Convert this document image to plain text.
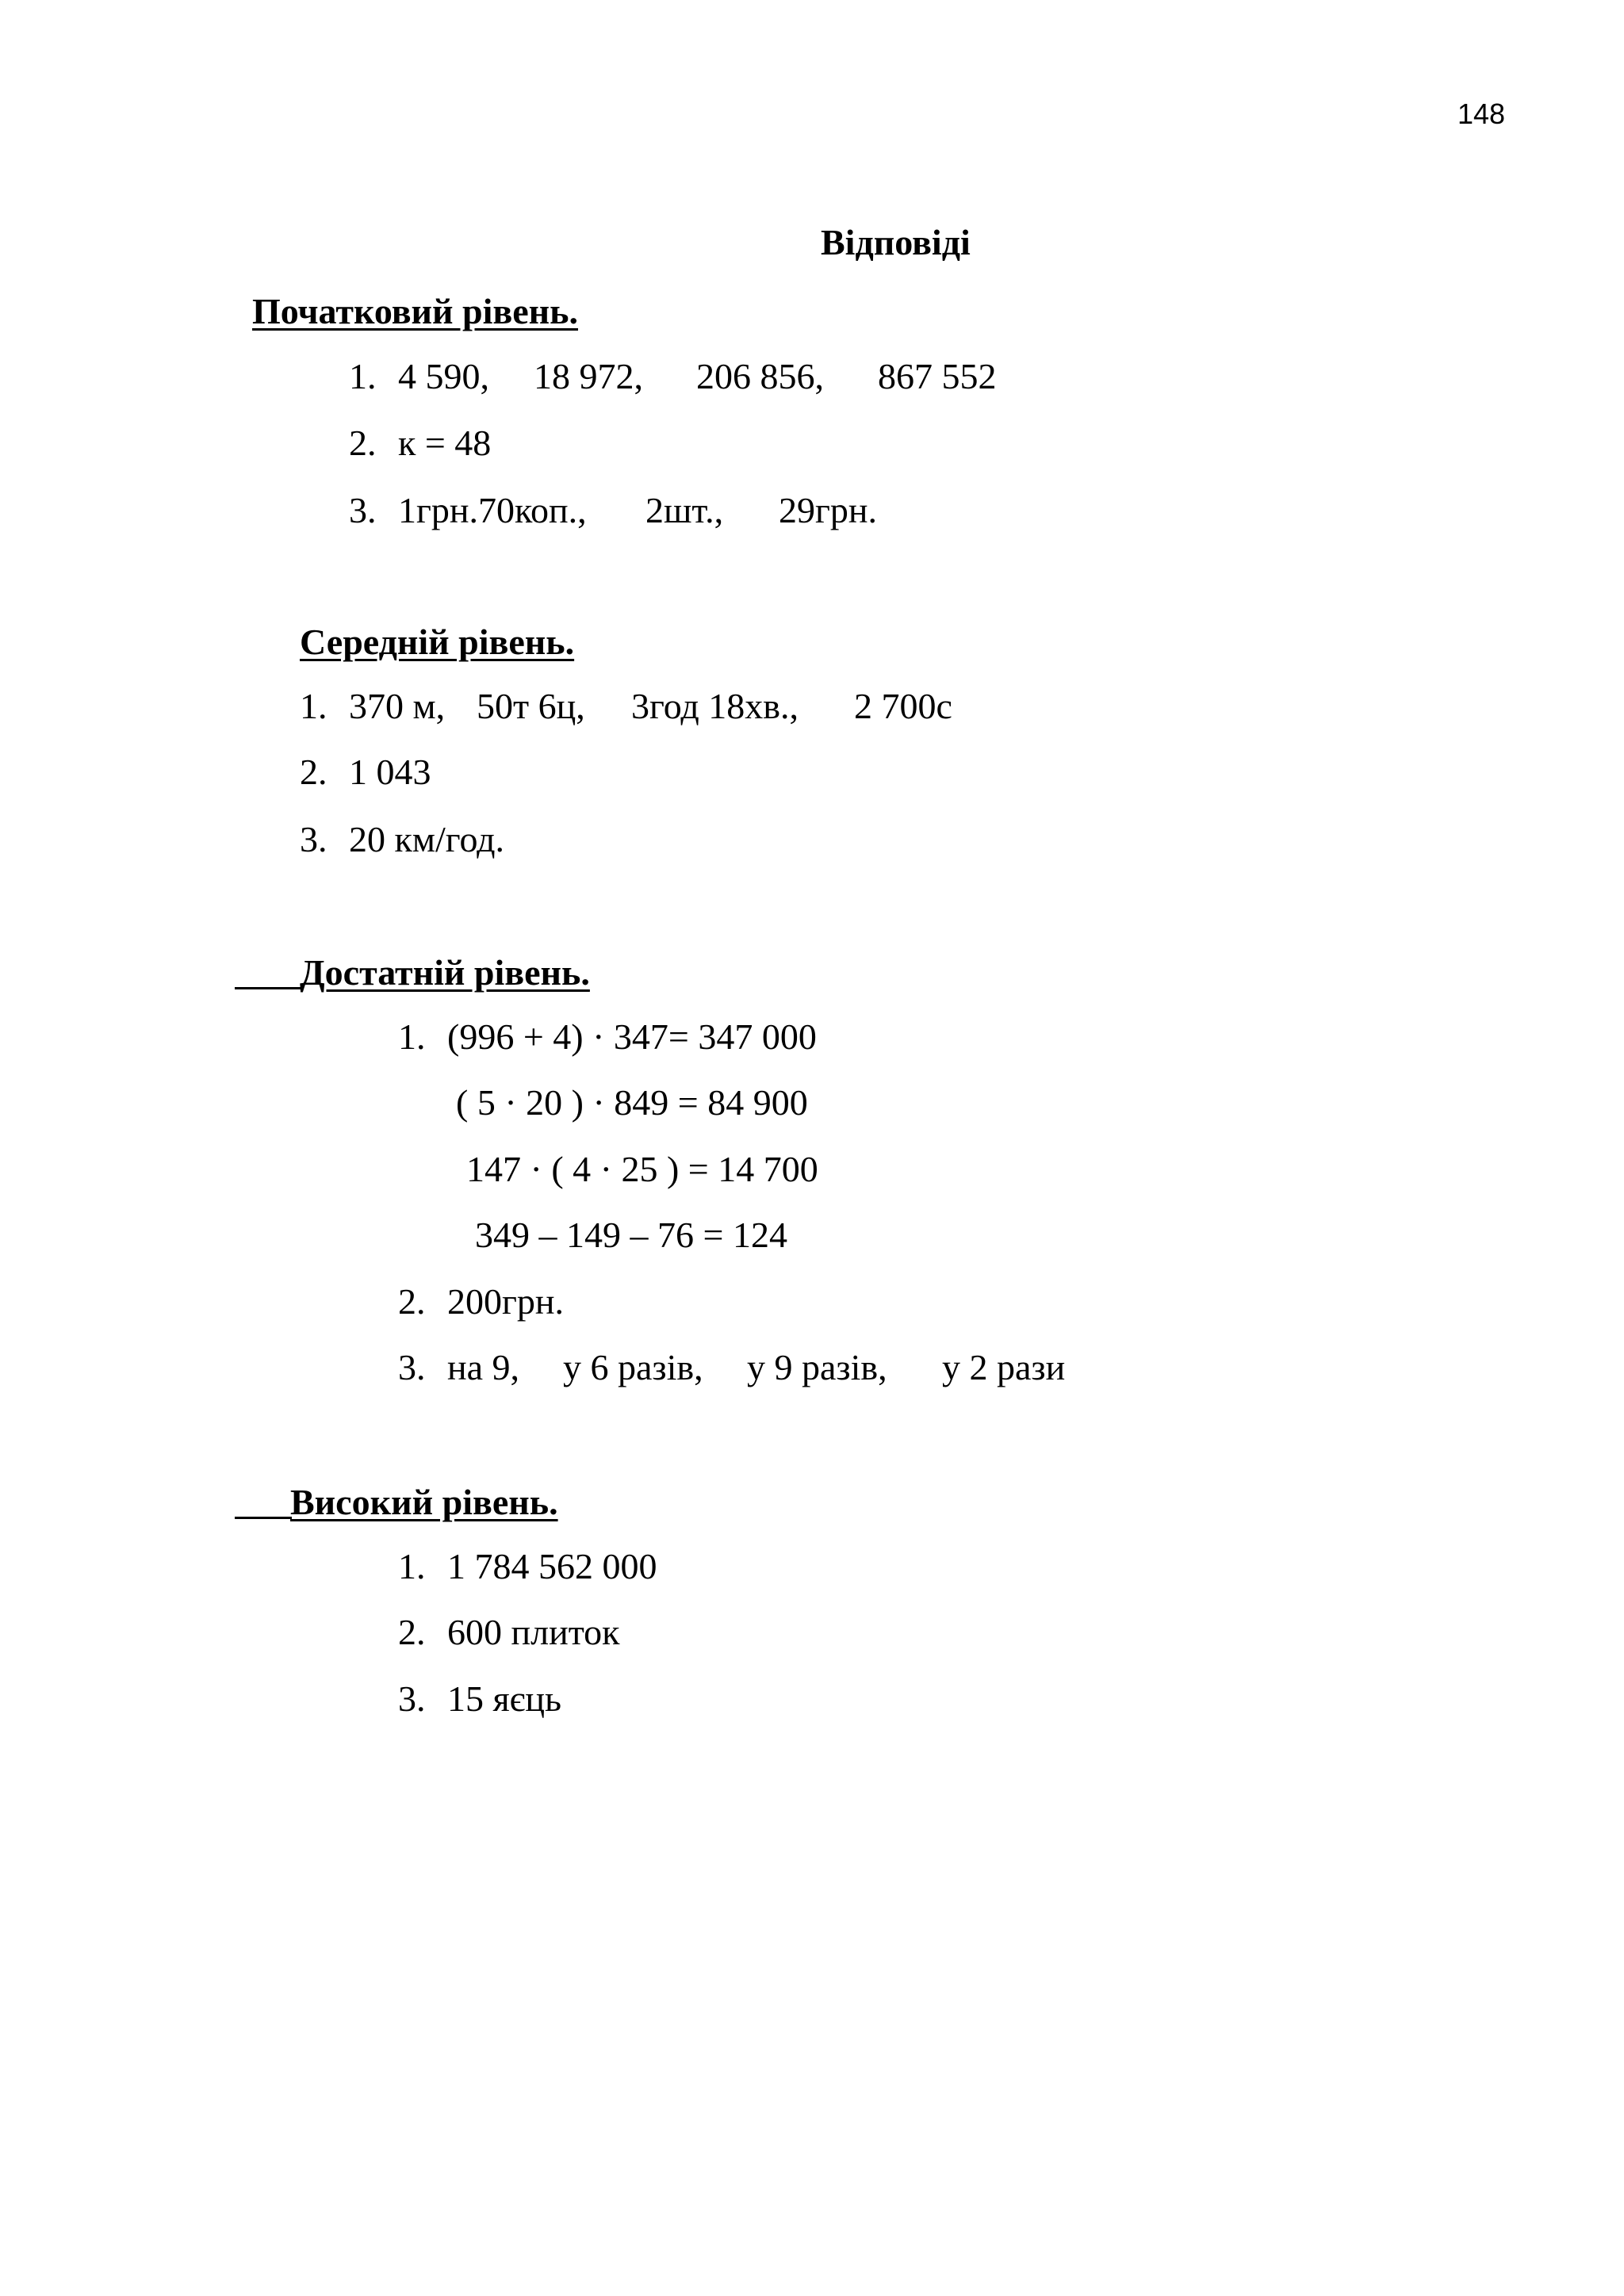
148
Відповіді
Початковий рівень.
1. 4 590, 18 972, 206 856, 867 552
2. к = 48
3. 1грн.70коп., 2шт., 29грн.
Середній рівень.
1. 370 м, 50т 6ц, 3год 18хв., 2 700с
2. 1 043
3. 20 км/год.
Достатній рівень.
1. (996 + 4) · 347= 347 000
( 5 · 20 ) · 849 = 84 900
147 · ( 4 · 25 ) = 14 700
349 – 149 – 76 = 124
2. 200грн.
3. на 9, у 6 разів, у 9 разів, у 2 рази
Високий рівень.
1. 1 784 562 000
2. 600 плиток
3. 15 яєць
